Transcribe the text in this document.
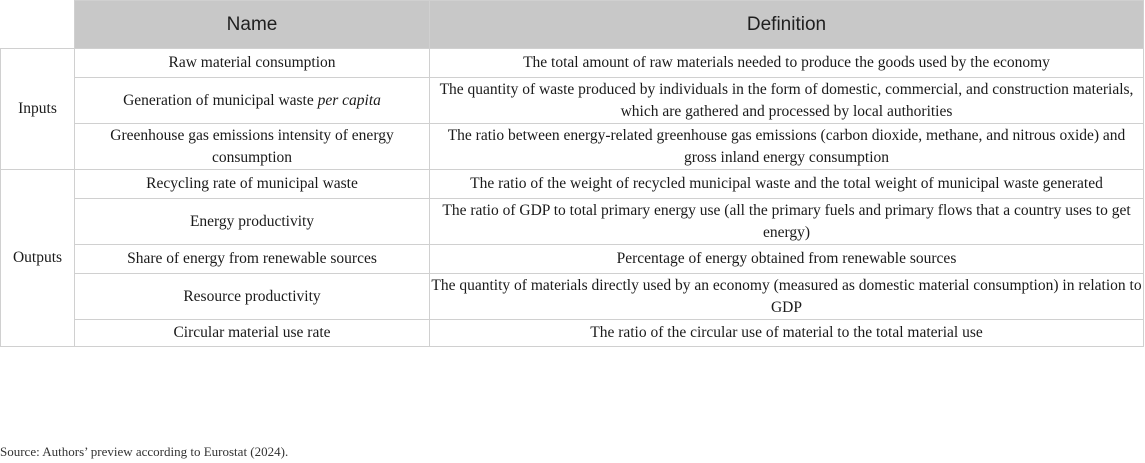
	Name	Definition
Inputs	Raw material consumption	The total amount of raw materials needed to produce the goods used by the economy
	Generation of municipal waste per capita	The quantity of waste produced by individuals in the form of domestic, commercial, and construction materials, which are gathered and processed by local authorities
	Greenhouse gas emissions intensity of energy consumption	The ratio between energy-related greenhouse gas emissions (carbon dioxide, methane, and nitrous oxide) and gross inland energy consumption
Outputs	Recycling rate of municipal waste	The ratio of the weight of recycled municipal waste and the total weight of municipal waste generated
	Energy productivity	The ratio of GDP to total primary energy use (all the primary fuels and primary flows that a country uses to get energy)
	Share of energy from renewable sources	Percentage of energy obtained from renewable sources
	Resource productivity	The quantity of materials directly used by an economy (measured as domestic material consumption) in relation to GDP
	Circular material use rate	The ratio of the circular use of material to the total material use
Source: Authors’ preview according to Eurostat (2024).
